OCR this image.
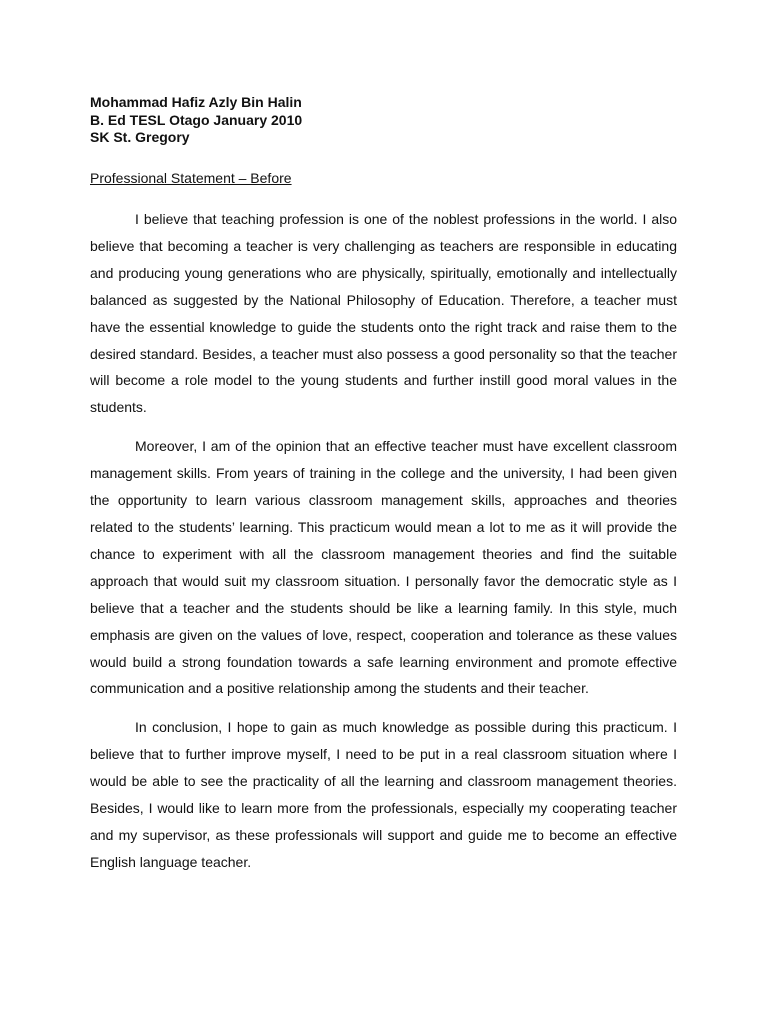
Mohammad Hafiz Azly Bin Halin
B. Ed TESL Otago January 2010
SK St. Gregory
Professional Statement – Before

I believe that teaching profession is one of the noblest professions in the world. I also believe that becoming a teacher is very challenging as teachers are responsible in educating and producing young generations who are physically, spiritually, emotionally and intellectually balanced as suggested by the National Philosophy of Education. Therefore, a teacher must have the essential knowledge to guide the students onto the right track and raise them to the desired standard. Besides, a teacher must also possess a good personality so that the teacher will become a role model to the young students and further instill good moral values in the students.

Moreover, I am of the opinion that an effective teacher must have excellent classroom management skills. From years of training in the college and the university, I had been given the opportunity to learn various classroom management skills, approaches and theories related to the students’ learning. This practicum would mean a lot to me as it will provide the chance to experiment with all the classroom management theories and find the suitable approach that would suit my classroom situation. I personally favor the democratic style as I believe that a teacher and the students should be like a learning family. In this style, much emphasis are given on the values of love, respect, cooperation and tolerance as these values would build a strong foundation towards a safe learning environment and promote effective communication and a positive relationship among the students and their teacher.

In conclusion, I hope to gain as much knowledge as possible during this practicum. I believe that to further improve myself, I need to be put in a real classroom situation where I would be able to see the practicality of all the learning and classroom management theories. Besides, I would like to learn more from the professionals, especially my cooperating teacher and my supervisor, as these professionals will support and guide me to become an effective English language teacher.
